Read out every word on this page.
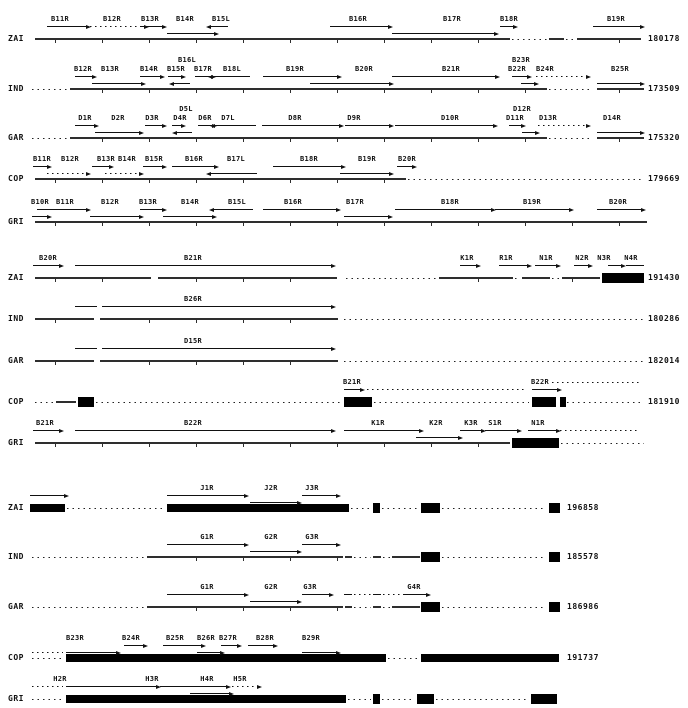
ZAI	180178
B11R	B12R	B13R B14R	B15L	B16R	B17R	B18R	B19R
IND	173509
B12R B13R	B14R B15R
B16L
B17R B18L	B19R	B20R	B21R	B22R
B23R
B24R	B25R
GAR	175320
D1R	D2R	D3R D4R
D5L
D6R D7L	D8R	D9R	D10R	D11R
D12R
D13R	D14R
COP	179669
B11R B12R	B13R B14R B15R	B16R	B17L	B18R	B19R	B20R
GRI
B10R B11R	B12R	B13R	B14R	B15L	B16R	B17R	B18R	B19R	B20R
ZAI	191430
B20R	B21R	K1R	R1R	N1R	N2R N3R N4R
IND	180286
B26R
GAR	182014
D15R
COP	181910
B21R	B22R
GRI
B21R	B22R	K1R	K2R	K3R S1R	N1R
ZAI	196858
J1R	J2R	J3R
IND	185578
G1R	G2R	G3R
GAR	186986
G1R	G2R	G3R	G4R
COP	191737
B23R	B24R	B25R B26R B27R	B28R	B29R
GRI
H2R	H3R	H4R	H5R
